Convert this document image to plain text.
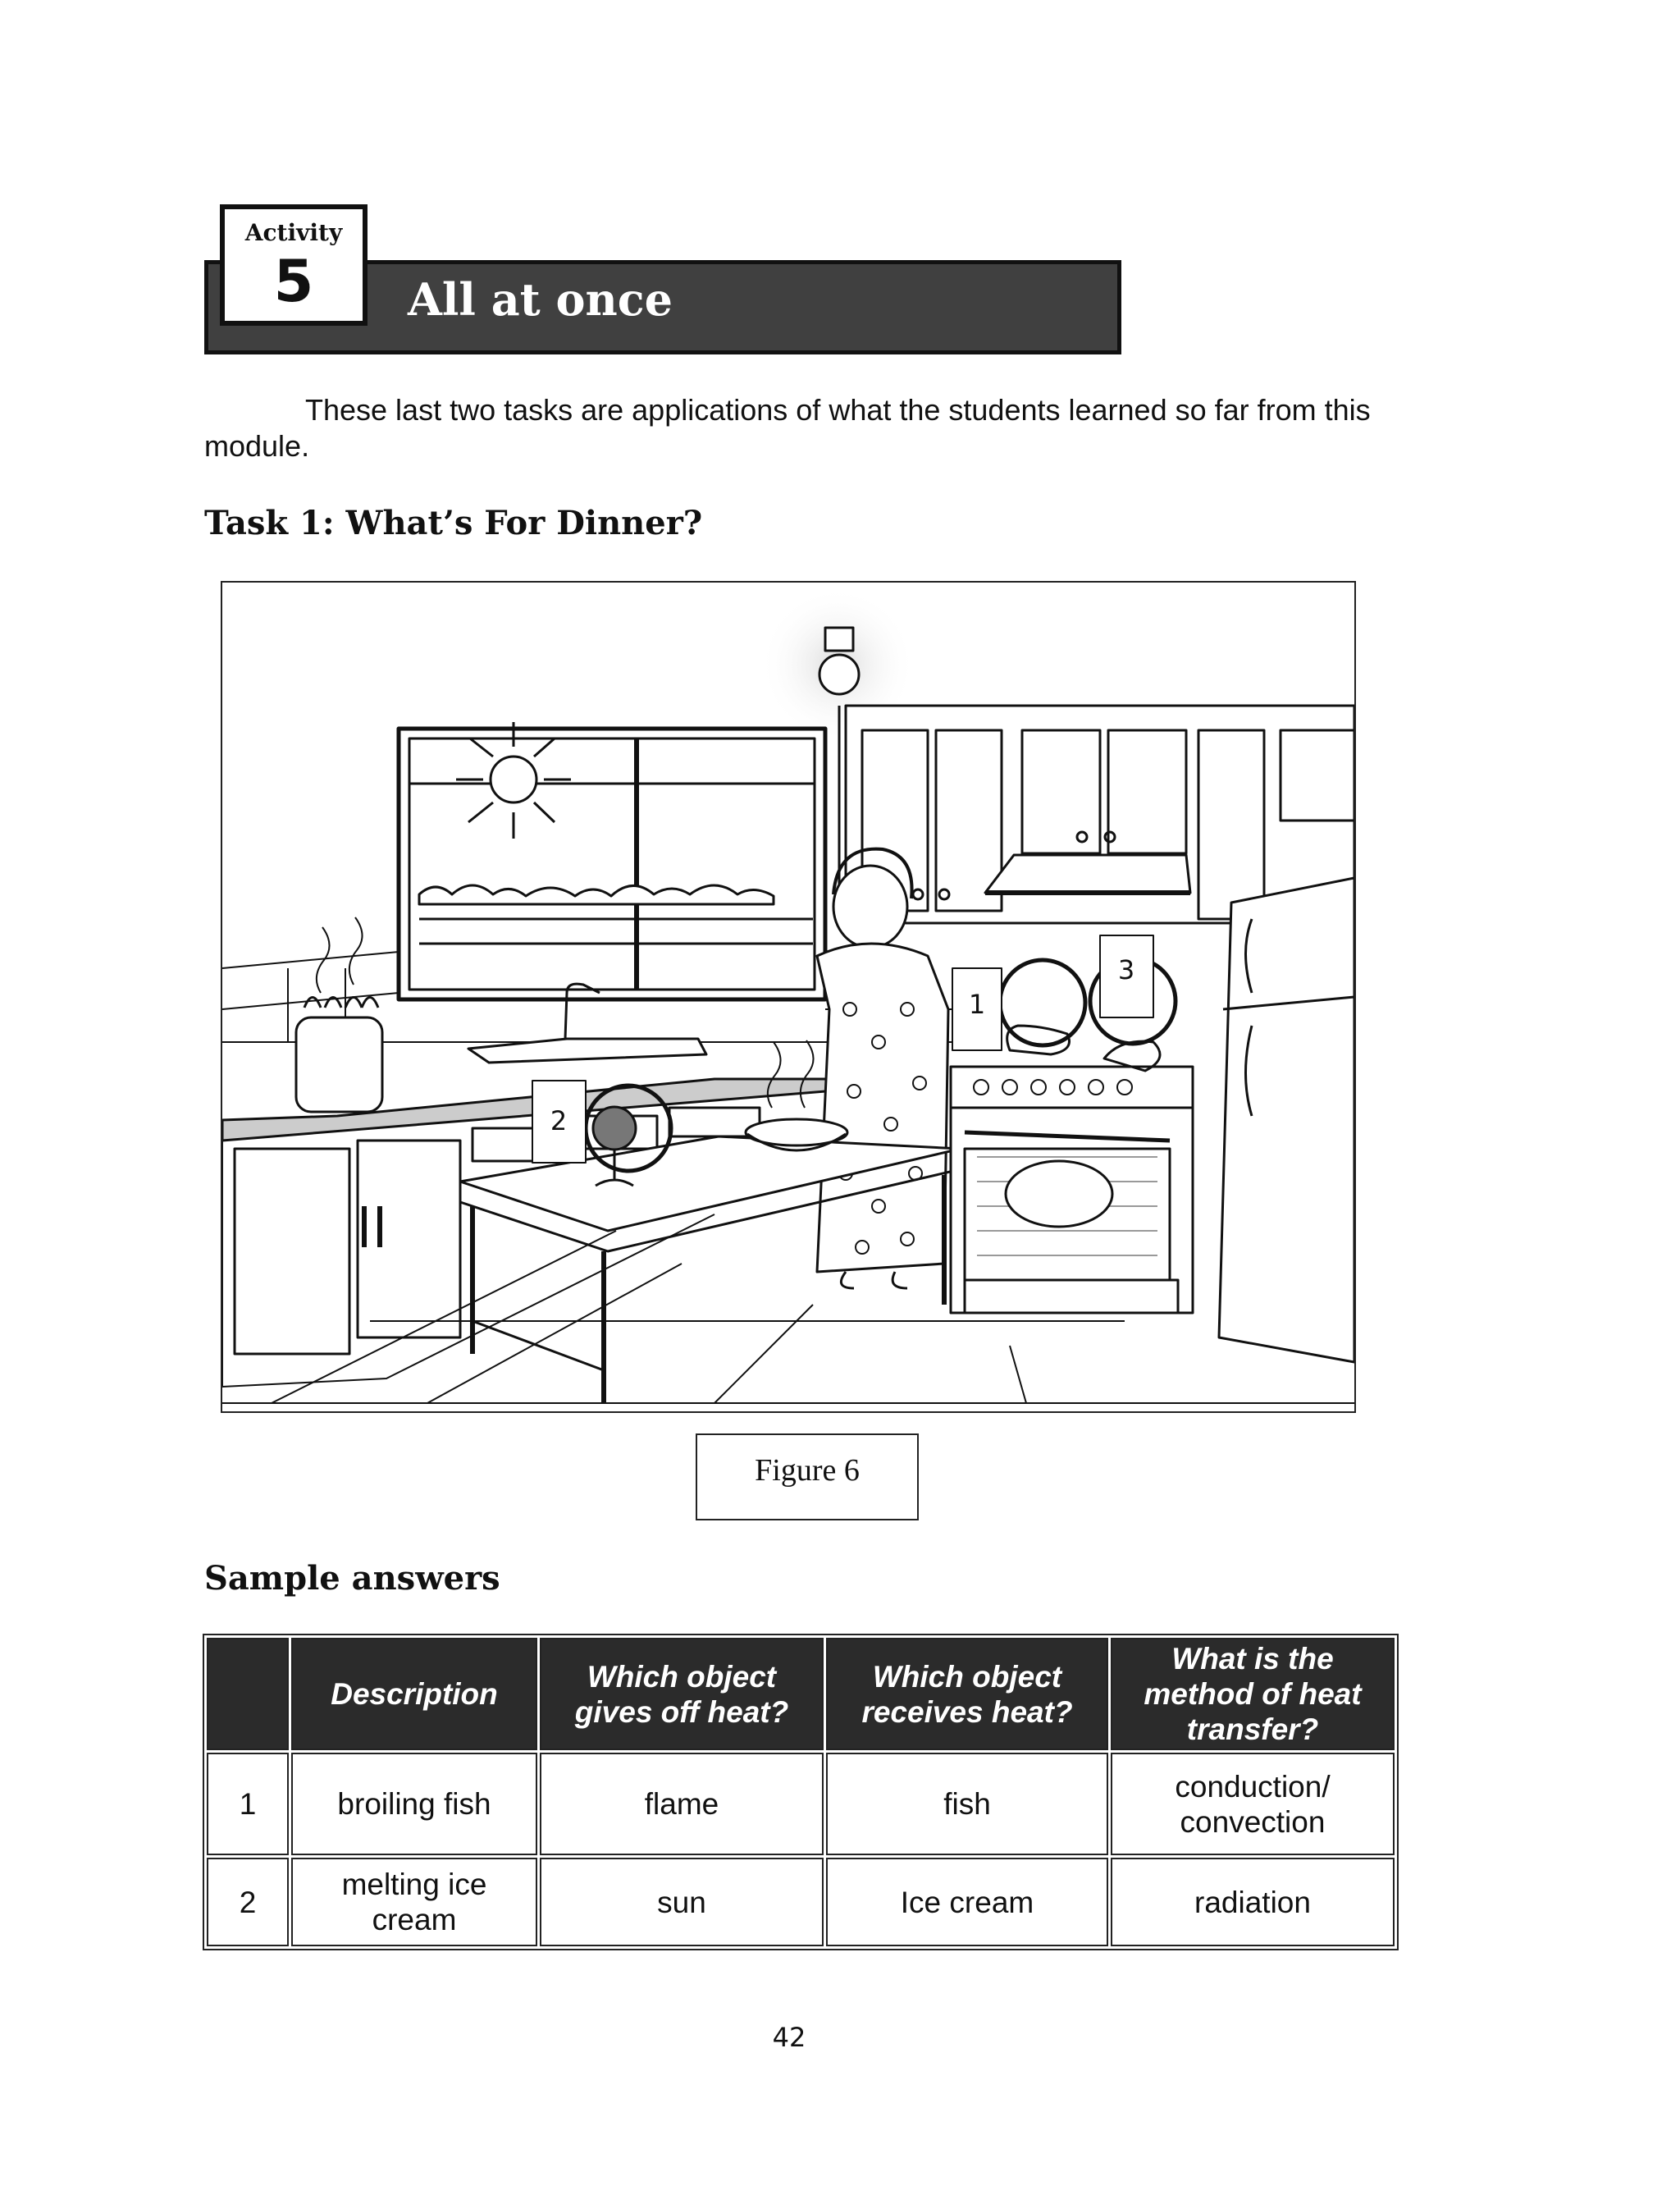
Activity
5	All at once
These last two tasks are applications of what the students learned so far from this module.
Task 1: What’s For Dinner?
1
2
3
Figure 6
Sample answers
	Description	Which object gives off heat?	Which object receives heat?	What is the method of heat transfer?
1	broiling fish	flame	fish	conduction/ convection
2	melting ice cream	sun	Ice cream	radiation
42
